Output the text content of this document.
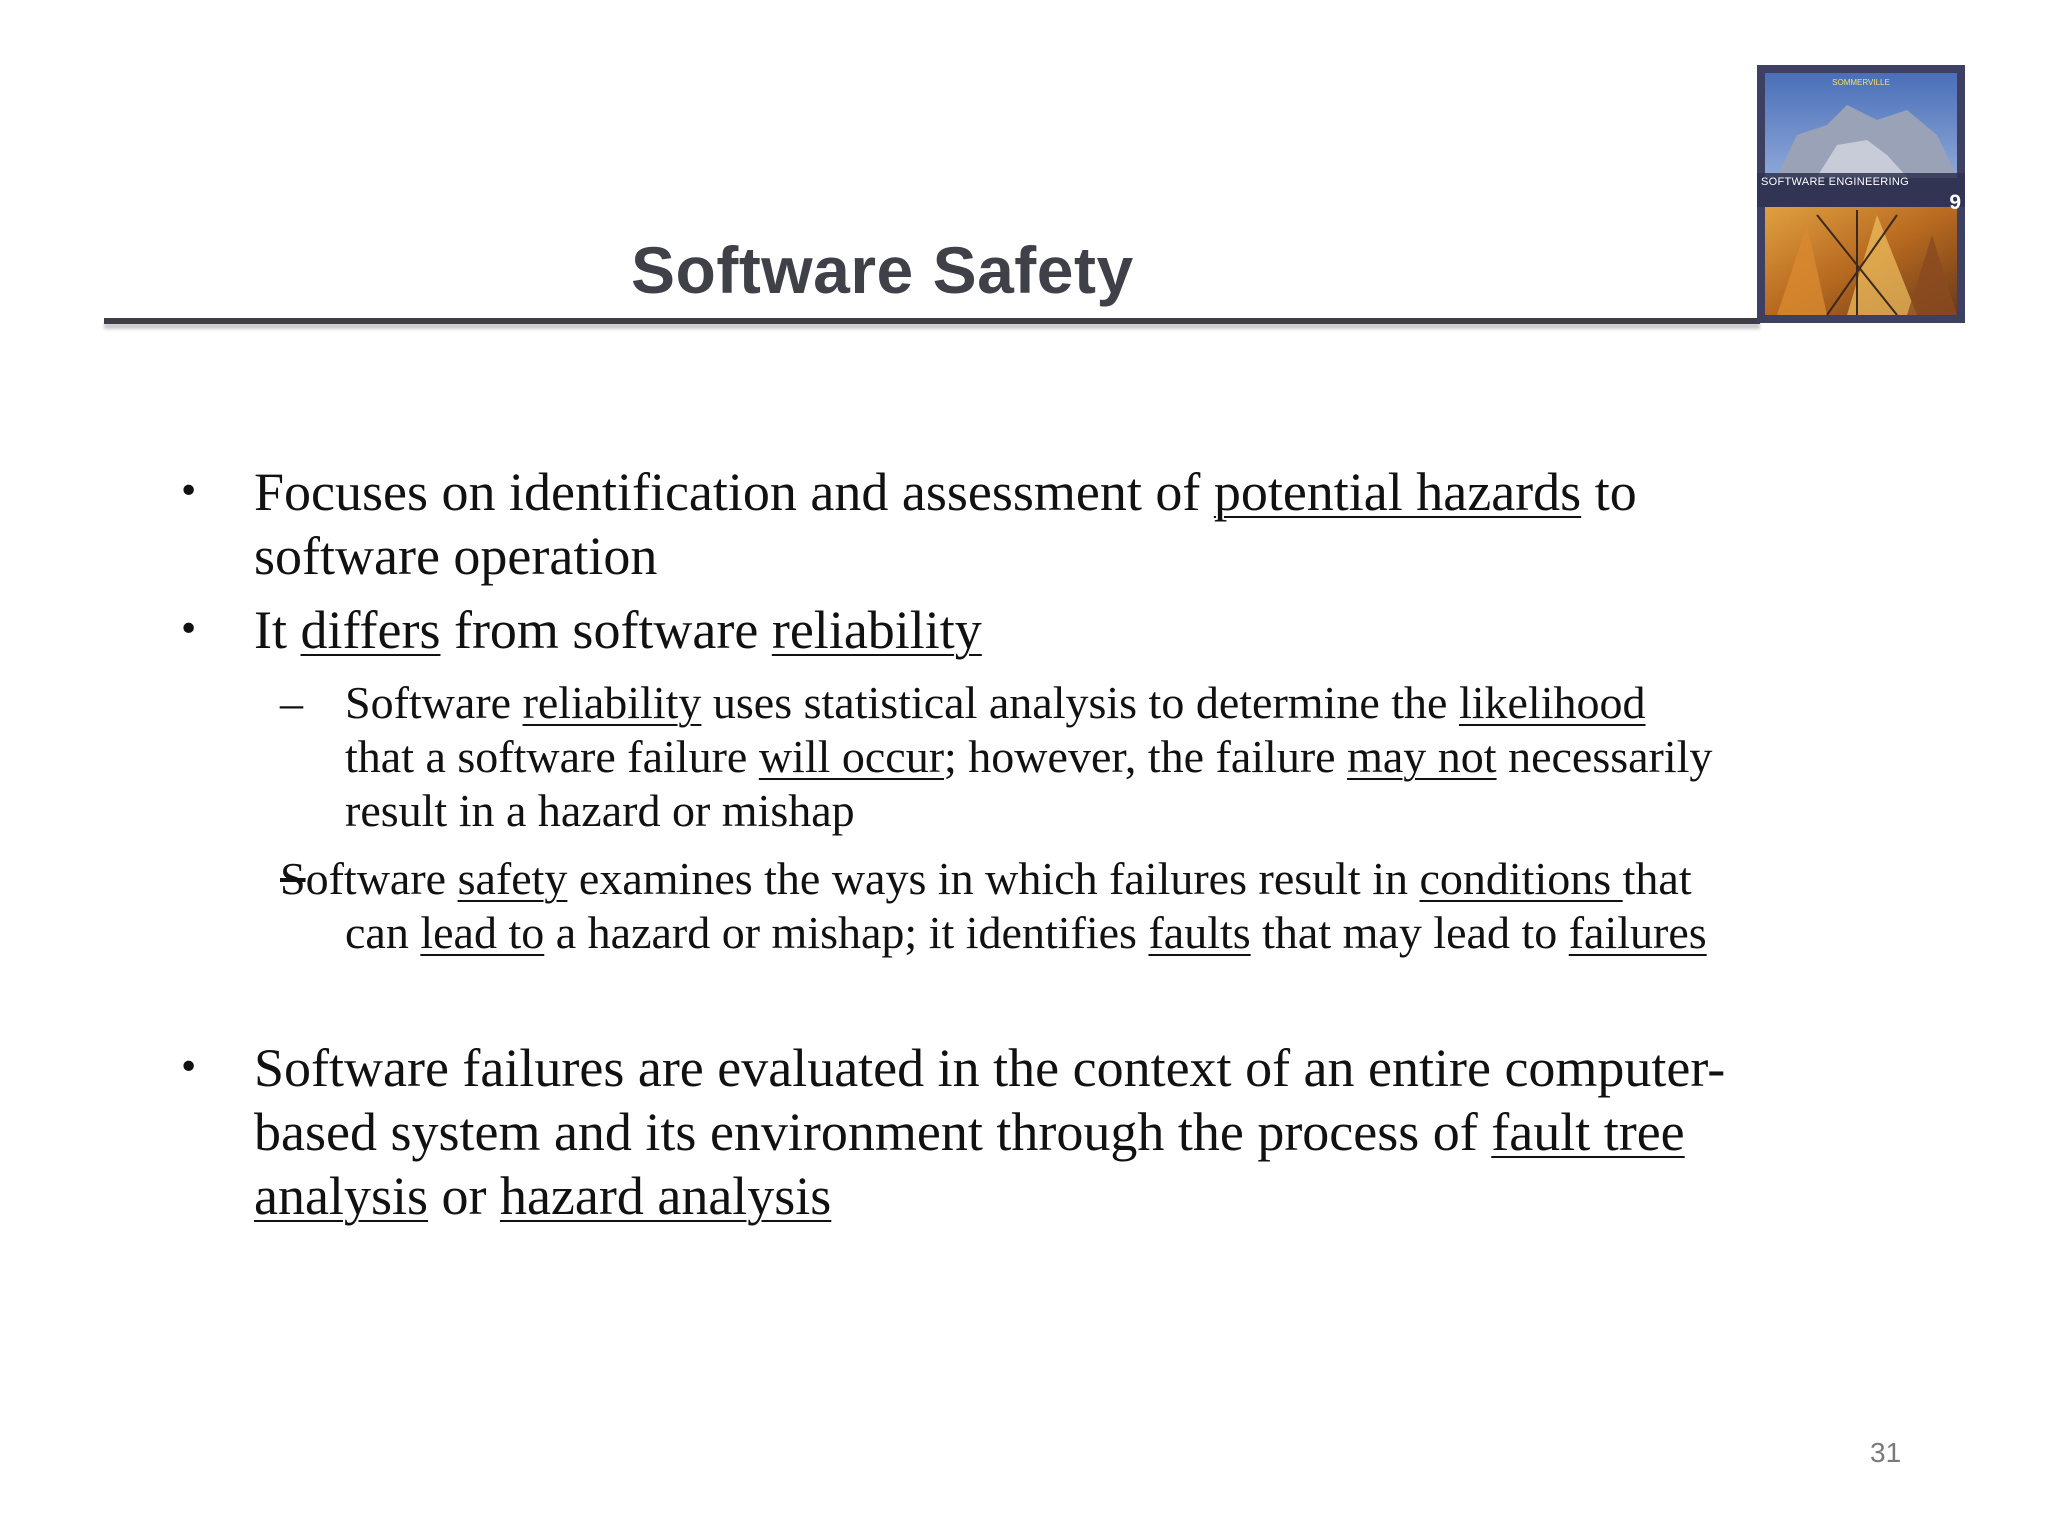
Software Safety
SOMMERVILLE
SOFTWARE ENGINEERING
9
• Focuses on identification and assessment of potential hazards to
software operation
• It differs from software reliability
– Software reliability uses statistical analysis to determine the likelihood
that a software failure will occur; however, the failure may not necessarily
result in a hazard or mishap
Software safety examines the ways in which failures result in conditions that
can lead to a hazard or mishap; it identifies faults that may lead to failures
• Software failures are evaluated in the context of an entire computer-
based system and its environment through the process of fault tree
analysis or hazard analysis
31
